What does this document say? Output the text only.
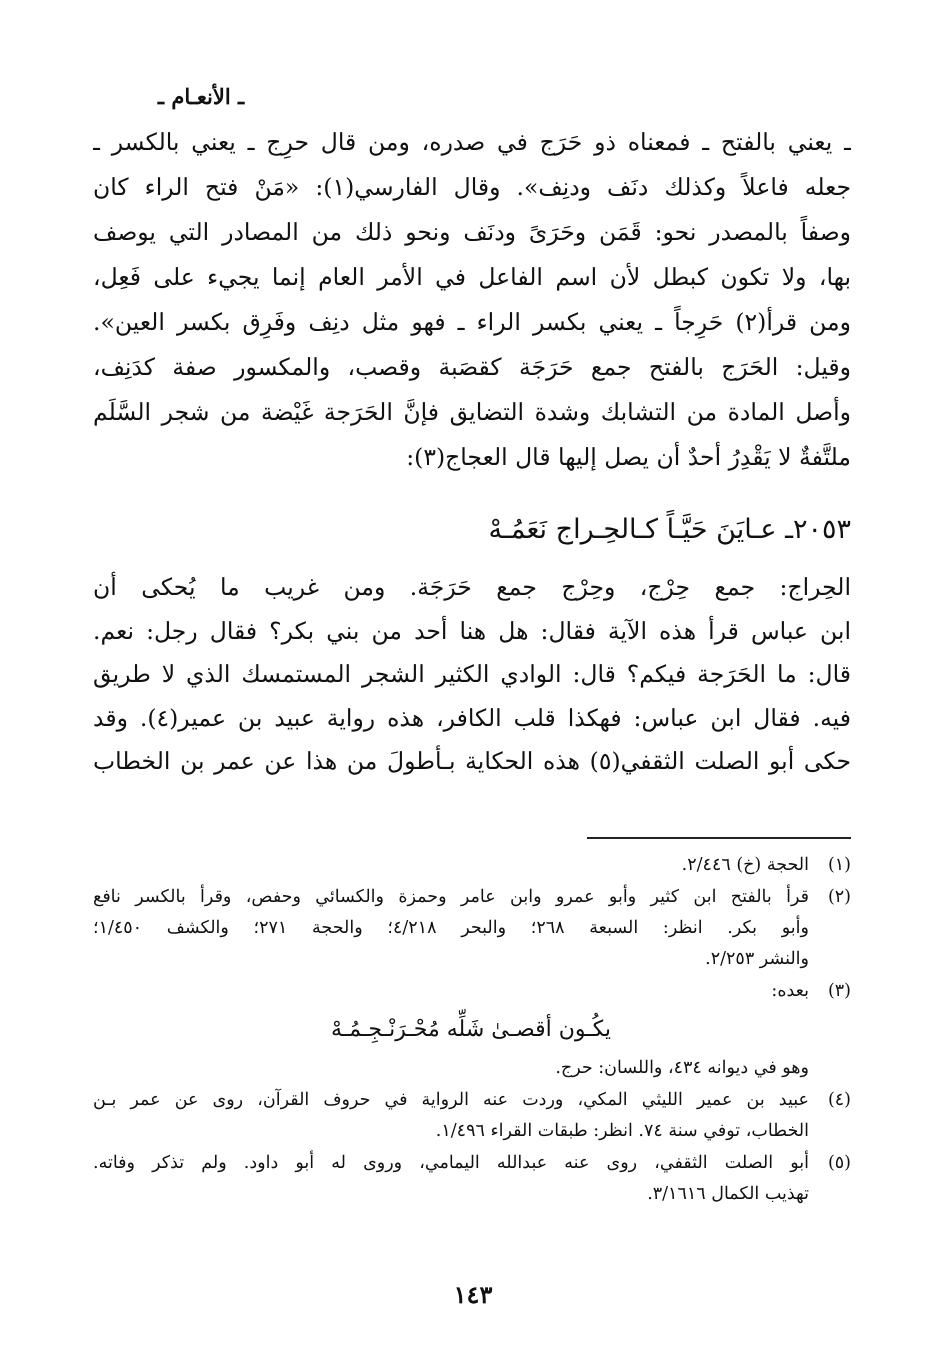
ـ الأنعـام ـ
ـ يعني بالفتح ـ فمعناه ذو حَرَج في صدره، ومن قال حرِج ـ يعني بالكسر ـ
جعله فاعلاً وكذلك دنَف ودنِف». وقال الفارسي(١): «مَنْ فتح الراء كان
وصفاً بالمصدر نحو: قَمَن وحَرَىً ودنَف ونحو ذلك من المصادر التي يوصف
بها، ولا تكون كبطل لأن اسم الفاعل في الأمر العام إنما يجيء على فَعِل،
ومن قرأ(٢) حَرِجاً ـ يعني بكسر الراء ـ فهو مثل دنِف وفَرِق بكسر العين».
وقيل: الحَرَج بالفتح جمع حَرَجَة كقصَبة وقصب، والمكسور صفة كدَنِف،
وأصل المادة من التشابك وشدة التضايق فإنَّ الحَرَجة غَيْضة من شجر السَّلَم
ملتَّفةٌ لا يَقْدِرُ أحدٌ أن يصل إليها قال العجاج(٣):
٢٠٥٣ـ عـايَنَ حَيَّـاً كـالحِـراج نَعَمُـهْ
الحِراج: جمع حِرْج، وحِرْج جمع حَرَجَة. ومن غريب ما يُحكى أن
ابن عباس قرأ هذه الآية فقال: هل هنا أحد من بني بكر؟ فقال رجل: نعم.
قال: ما الحَرَجة فيكم؟ قال: الوادي الكثير الشجر المستمسك الذي لا طريق
فيه. فقال ابن عباس: فهكذا قلب الكافر، هذه رواية عبيد بن عمير(٤). وقد
حكى أبو الصلت الثقفي(٥) هذه الحكاية بـأطولَ من هذا عن عمر بن الخطاب
(١)
الحجة (خ) ٢/٤٤٦.
(٢)
قرأ بالفتح ابن كثير وأبو عمرو وابن عامر وحمزة والكسائي وحفص، وقرأ بالكسر نافع
وأبو بكر. انظر: السبعة ٢٦٨؛ والبحر ٤/٢١٨؛ والحجة ٢٧١؛ والكشف ١/٤٥٠؛
والنشر ٢/٢٥٣.
(٣)
بعده:
يكُـون أقصـىٰ شَلِّه مُحْـرَنْـجِـمُـهْ
وهو في ديوانه ٤٣٤، واللسان: حرج.
(٤)
عبيد بن عمير الليثي المكي، وردت عنه الرواية في حروف القرآن، روى عن عمر بـن
الخطاب، توفي سنة ٧٤. انظر: طبقات القراء ١/٤٩٦.
(٥)
أبو الصلت الثقفي، روى عنه عبدالله اليمامي، وروى له أبو داود. ولم تذكر وفاته.
تهذيب الكمال ٣/١٦١٦.
١٤٣
